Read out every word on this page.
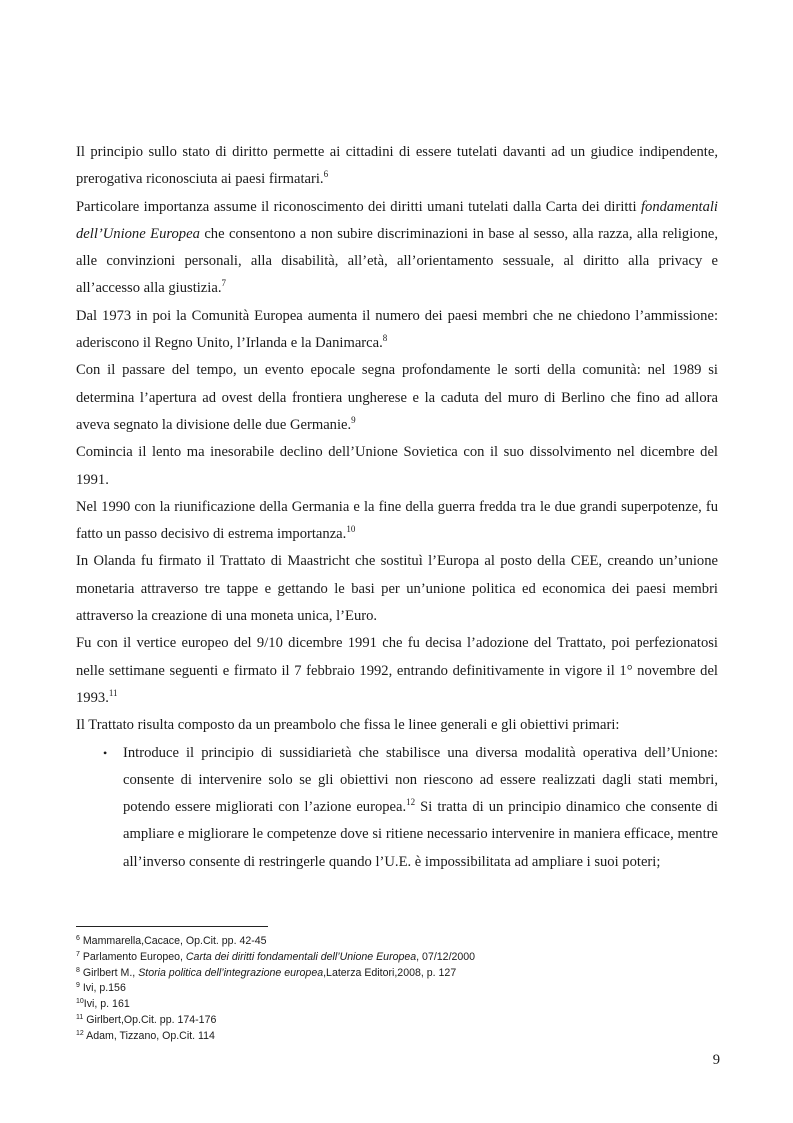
Il principio sullo stato di diritto permette ai cittadini di essere tutelati davanti ad un giudice indipendente, prerogativa riconosciuta ai paesi firmatari.$^6$

Particolare importanza assume il riconoscimento dei diritti umani tutelati dalla Carta dei diritti fondamentali dell’Unione Europea che consentono a non subire discriminazioni in base al sesso, alla razza, alla religione, alle convinzioni personali, alla disabilità, all’età, all’orientamento sessuale, al diritto alla privacy e all’accesso alla giustizia.$^7$

Dal 1973 in poi la Comunità Europea aumenta il numero dei paesi membri che ne chiedono l’ammissione: aderiscono il Regno Unito, l’Irlanda e la Danimarca.$^8$

Con il passare del tempo, un evento epocale segna profondamente le sorti della comunità: nel 1989 si determina l’apertura ad ovest della frontiera ungherese e la caduta del muro di Berlino che fino ad allora aveva segnato la divisione delle due Germanie.$^9$

Comincia il lento ma inesorabile declino dell’Unione Sovietica con il suo dissolvimento nel dicembre del 1991.

Nel 1990 con la riunificazione della Germania e la fine della guerra fredda tra le due grandi superpotenze, fu fatto un passo decisivo di estrema importanza.$^{10}$

In Olanda fu firmato il Trattato di Maastricht che sostituì l’Europa al posto della CEE, creando un’unione monetaria attraverso tre tappe e gettando le basi per un’unione politica ed economica dei paesi membri attraverso la creazione di una moneta unica, l’Euro.

Fu con il vertice europeo del 9/10 dicembre 1991 che fu decisa l’adozione del Trattato, poi perfezionatosi nelle settimane seguenti e firmato il 7 febbraio 1992, entrando definitivamente in vigore il 1° novembre del 1993.11

Il Trattato risulta composto da un preambolo che fissa le linee generali e gli obiettivi primari:

• Introduce il principio di sussidiarietà che stabilisce una diversa modalità operativa dell’Unione: consente di intervenire solo se gli obiettivi non riescono ad essere realizzati dagli stati membri, potendo essere migliorati con l’azione europea.$^{12}$ Si tratta di un principio dinamico che consente di ampliare e migliorare le competenze dove si ritiene necessario intervenire in maniera efficace, mentre all’inverso consente di restringerle quando l’U.E. è impossibilitata ad ampliare i suoi poteri;

$^6$ Mammarella,Cacace, Op.Cit. pp. 42-45

$^7$ Parlamento Europeo, Carta dei diritti fondamentali dell’Unione Europea, 07/12/2000

$^8$ Girlbert M., Storia politica dell’integrazione europea,Laterza Editori,2008, p. 127

$^9$ Ivi, p.156

$^{10}$Ivi, p. 161

$^{11}$ Girlbert,Op.Cit. pp. 174-176

$^{12}$ Adam, Tizzano, Op.Cit. 114

9
